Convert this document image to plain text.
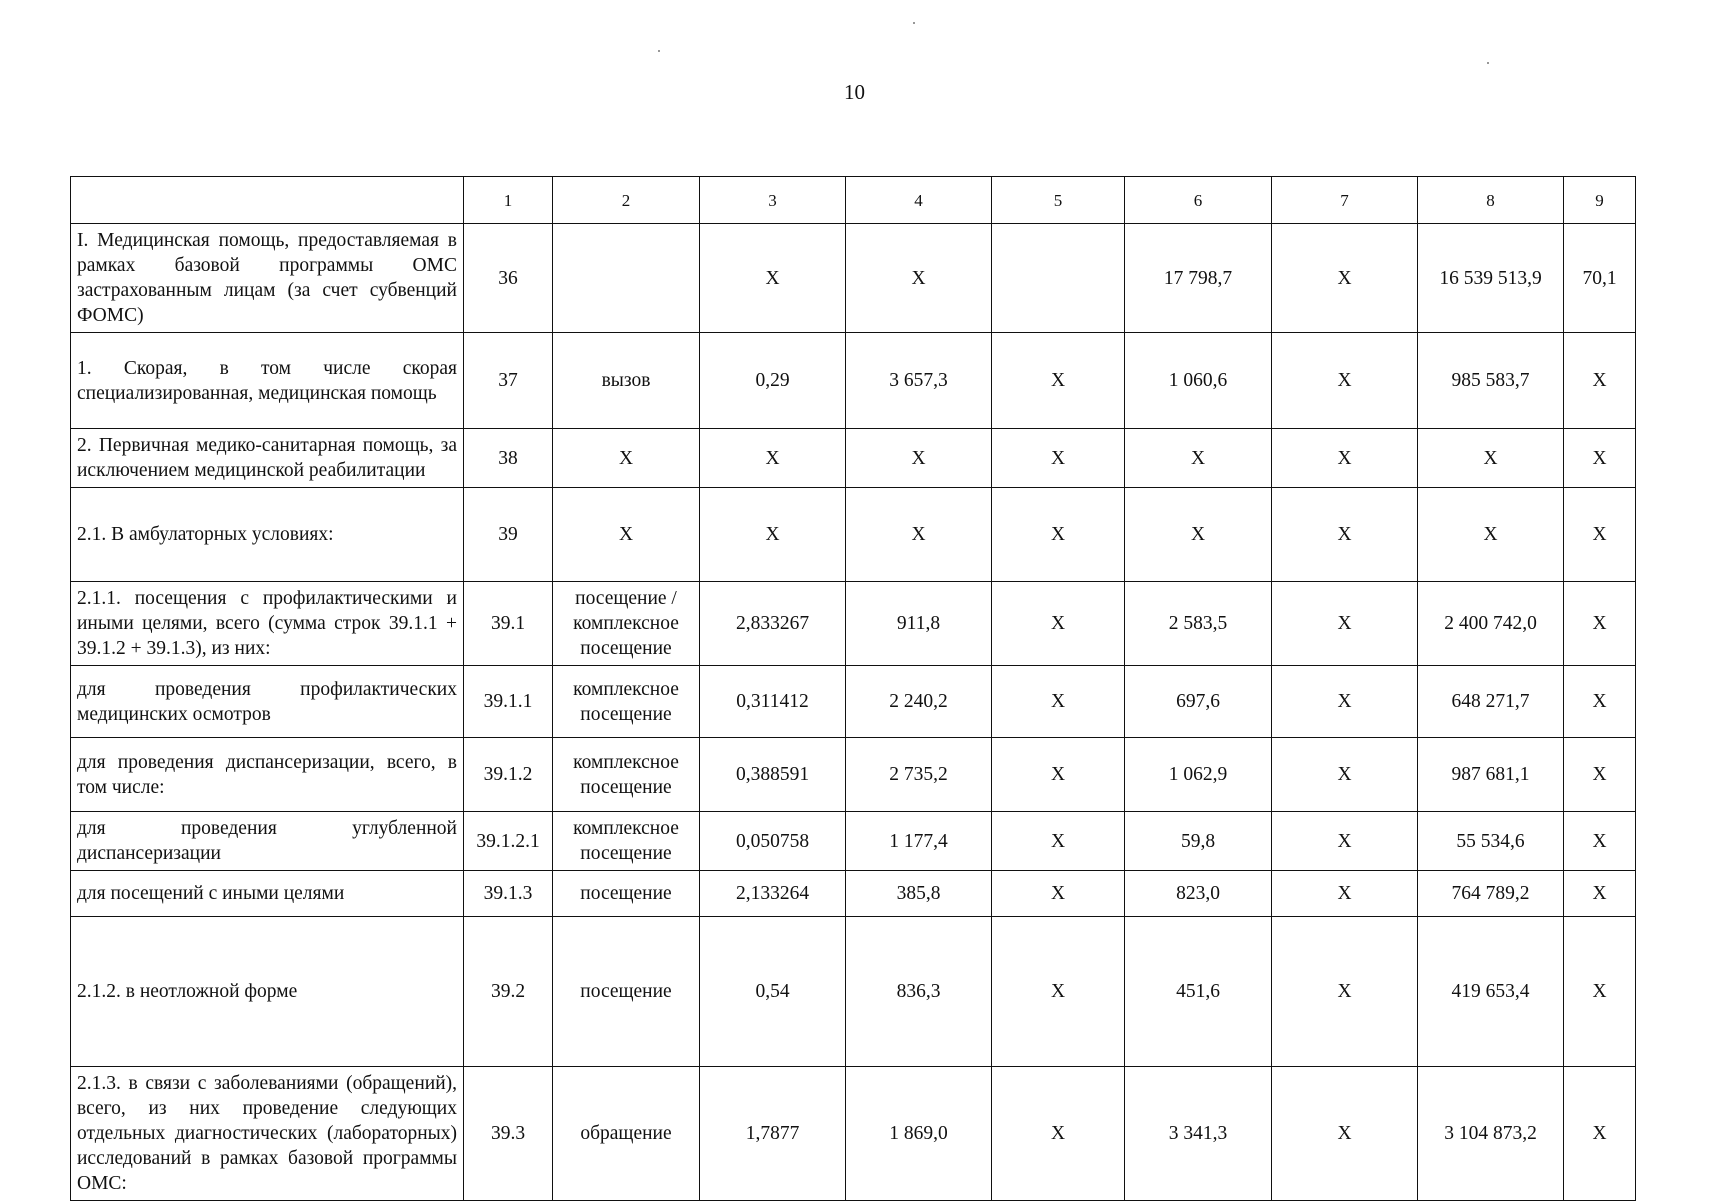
10
	1	2	3	4	5	6	7	8	9
I. Медицинская помощь, предоставляемая в рамках базовой программы ОМС застрахованным лицам (за счет субвенций ФОМС)	36		X	X		17 798,7	X	16 539 513,9	70,1
1. Скорая, в том числе скорая специализированная, медицинская помощь	37	вызов	0,29	3 657,3	X	1 060,6	X	985 583,7	X
2. Первичная медико-санитарная помощь, за исключением медицинской реабилитации	38	X	X	X	X	X	X	X	X
2.1. В амбулаторных условиях:	39	X	X	X	X	X	X	X	X
2.1.1. посещения с профилактическими и иными целями, всего (сумма строк 39.1.1 + 39.1.2 + 39.1.3), из них:	39.1	посещение / комплексное посещение	2,833267	911,8	X	2 583,5	X	2 400 742,0	X
для проведения профилактических медицинских осмотров	39.1.1	комплексное посещение	0,311412	2 240,2	X	697,6	X	648 271,7	X
для проведения диспансеризации, всего, в том числе:	39.1.2	комплексное посещение	0,388591	2 735,2	X	1 062,9	X	987 681,1	X
для проведения углубленной диспансеризации	39.1.2.1	комплексное посещение	0,050758	1 177,4	X	59,8	X	55 534,6	X
для посещений с иными целями	39.1.3	посещение	2,133264	385,8	X	823,0	X	764 789,2	X
2.1.2. в неотложной форме	39.2	посещение	0,54	836,3	X	451,6	X	419 653,4	X
2.1.3. в связи с заболеваниями (обращений), всего, из них проведение следующих отдельных диагностических (лабораторных) исследований в рамках базовой программы ОМС:	39.3	обращение	1,7877	1 869,0	X	3 341,3	X	3 104 873,2	X
